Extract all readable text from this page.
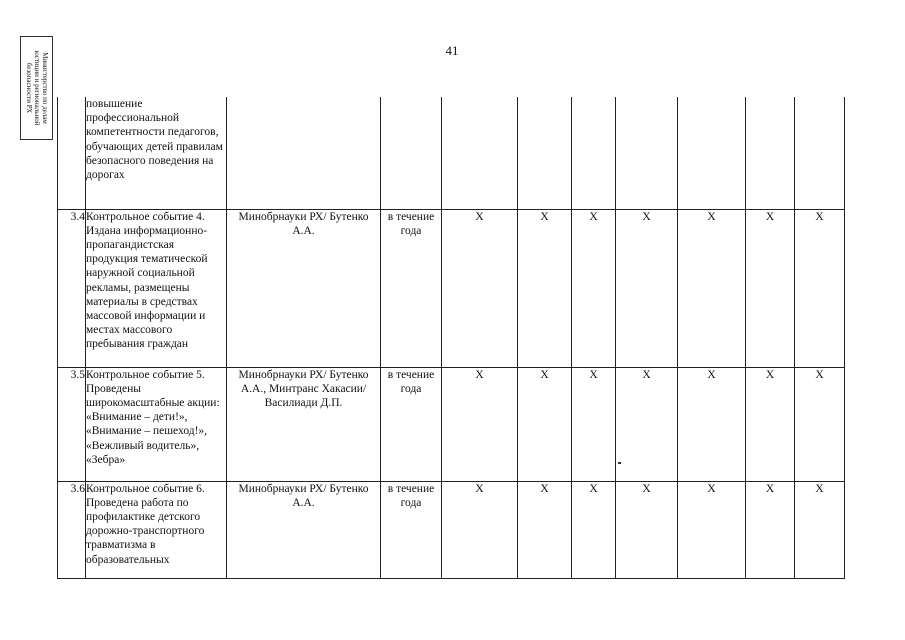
Министерство по делам
юстиции и региональной
безопасности РХ
41
	повышение профессиональной компетентности педагогов, обучающих детей правилам безопасного поведения на дорогах									
3.4	Контрольное событие 4. Издана информационно-пропагандистская продукция тематической наружной социальной рекламы, размещены материалы в средствах массовой информации и местах массового пребывания граждан	Минобрнауки РХ/ Бутенко А.А.	в течение года	Х	Х	Х	Х	Х	Х	Х
3.5	Контрольное событие 5. Проведены широкомасштабные акции: «Внимание – дети!», «Внимание – пешеход!», «Вежливый водитель», «Зебра»	Минобрнауки РХ/ Бутенко А.А., Минтранс Хакасии/ Василиади Д.П.	в течение года	Х	Х	Х	Х	Х	Х	Х
3.6	Контрольное событие 6. Проведена работа по профилактике детского дорожно-транспортного травматизма в образовательных	Минобрнауки РХ/ Бутенко А.А.	в течение года	Х	Х	Х	Х	Х	Х	Х
